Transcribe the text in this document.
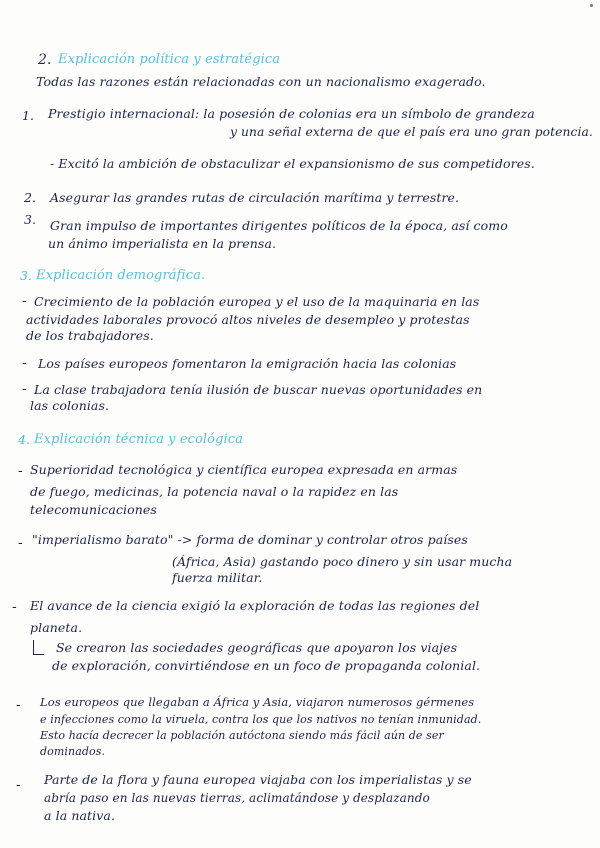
2. Explicación política y estratégica
Todas las razones están relacionadas con un nacionalismo exagerado.
1. Prestigio internacional: la posesión de colonias era un símbolo de grandeza
y una señal externa de que el país era uno gran potencia.
- Excitó la ambición de obstaculizar el expansionismo de sus competidores.
2. Asegurar las grandes rutas de circulación marítima y terrestre.
3. Gran impulso de importantes dirigentes políticos de la época, así como
un ánimo imperialista en la prensa.
3. Explicación demográfica.
- Crecimiento de la población europea y el uso de la maquinaria en las
actividades laborales provocó altos niveles de desempleo y protestas
de los trabajadores.
- Los países europeos fomentaron la emigración hacia las colonias
- La clase trabajadora tenía ilusión de buscar nuevas oportunidades en
las colonias.
4. Explicación técnica y ecológica
- Superioridad tecnológica y científica europea expresada en armas
de fuego, medicinas, la potencia naval o la rapidez en las
telecomunicaciones
- "imperialismo barato" -> forma de dominar y controlar otros países
(África, Asia) gastando poco dinero y sin usar mucha
fuerza militar.
- El avance de la ciencia exigió la exploración de todas las regiones del
planeta.
Se crearon las sociedades geográficas que apoyaron los viajes
de exploración, convirtiéndose en un foco de propaganda colonial.
- Los europeos que llegaban a África y Asia, viajaron numerosos gérmenes
e infecciones como la viruela, contra los que los nativos no tenían inmunidad.
Esto hacía decrecer la población autóctona siendo más fácil aún de ser
dominados.
- Parte de la flora y fauna europea viajaba con los imperialistas y se
abría paso en las nuevas tierras, aclimatándose y desplazando
a la nativa.
